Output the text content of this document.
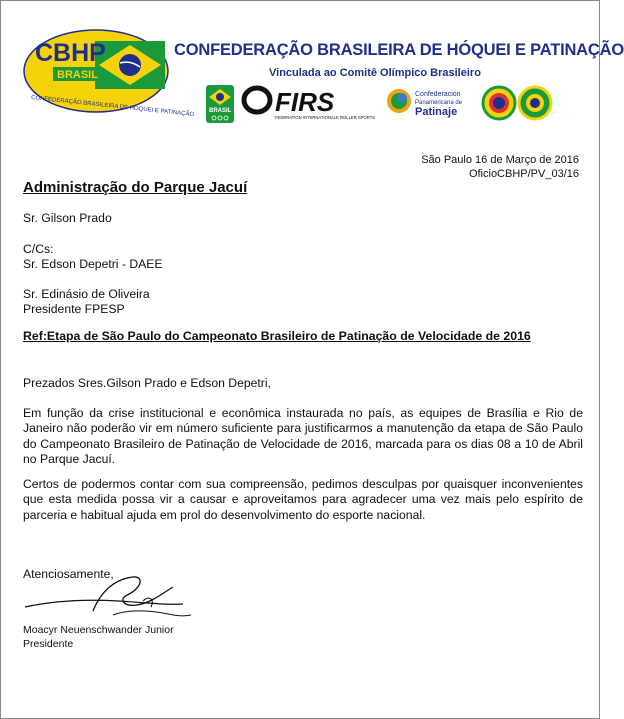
CBHP
BRASIL
CONFEDERAÇÃO BRASILEIRA DE HÓQUEI E PATINAÇÃO
CONFEDERAÇÃO BRASILEIRA DE HÓQUEI E PATINAÇÃO
Vinculada ao Comitê Olímpico Brasileiro
BRASIL FIRS
FEDERATION INTERNATIONALE ROLLER SPORTS
Confederación
Panamericana de
Patinaje
São Paulo 16 de Março de 2016
OficioCBHP/PV_03/16
Administração do Parque Jacuí
Sr. Gilson Prado
C/Cs:
Sr. Edson Depetri - DAEE
Sr. Edinásio de Oliveira
Presidente FPESP
Ref:Etapa de São Paulo do Campeonato Brasileiro de Patinação de Velocidade de 2016
Prezados Sres.Gilson Prado e Edson Depetri,
Em função da crise institucional e econômica instaurada no país, as equipes de Brasília e Rio de Janeiro não poderão vir em número suficiente para justificarmos a manutenção da etapa de São Paulo do Campeonato Brasileiro de Patinação de Velocidade de 2016, marcada para os dias 08 a 10 de Abril no Parque Jacuí.
Certos de podermos contar com sua compreensão, pedimos desculpas por quaisquer inconvenientes que esta medida possa vir a causar e aproveitamos para agradecer uma vez mais pelo espírito de parceria e habitual ajuda em prol do desenvolvimento do esporte nacional.
Atenciosamente,
Moacyr Neuenschwander Junior
Presidente
